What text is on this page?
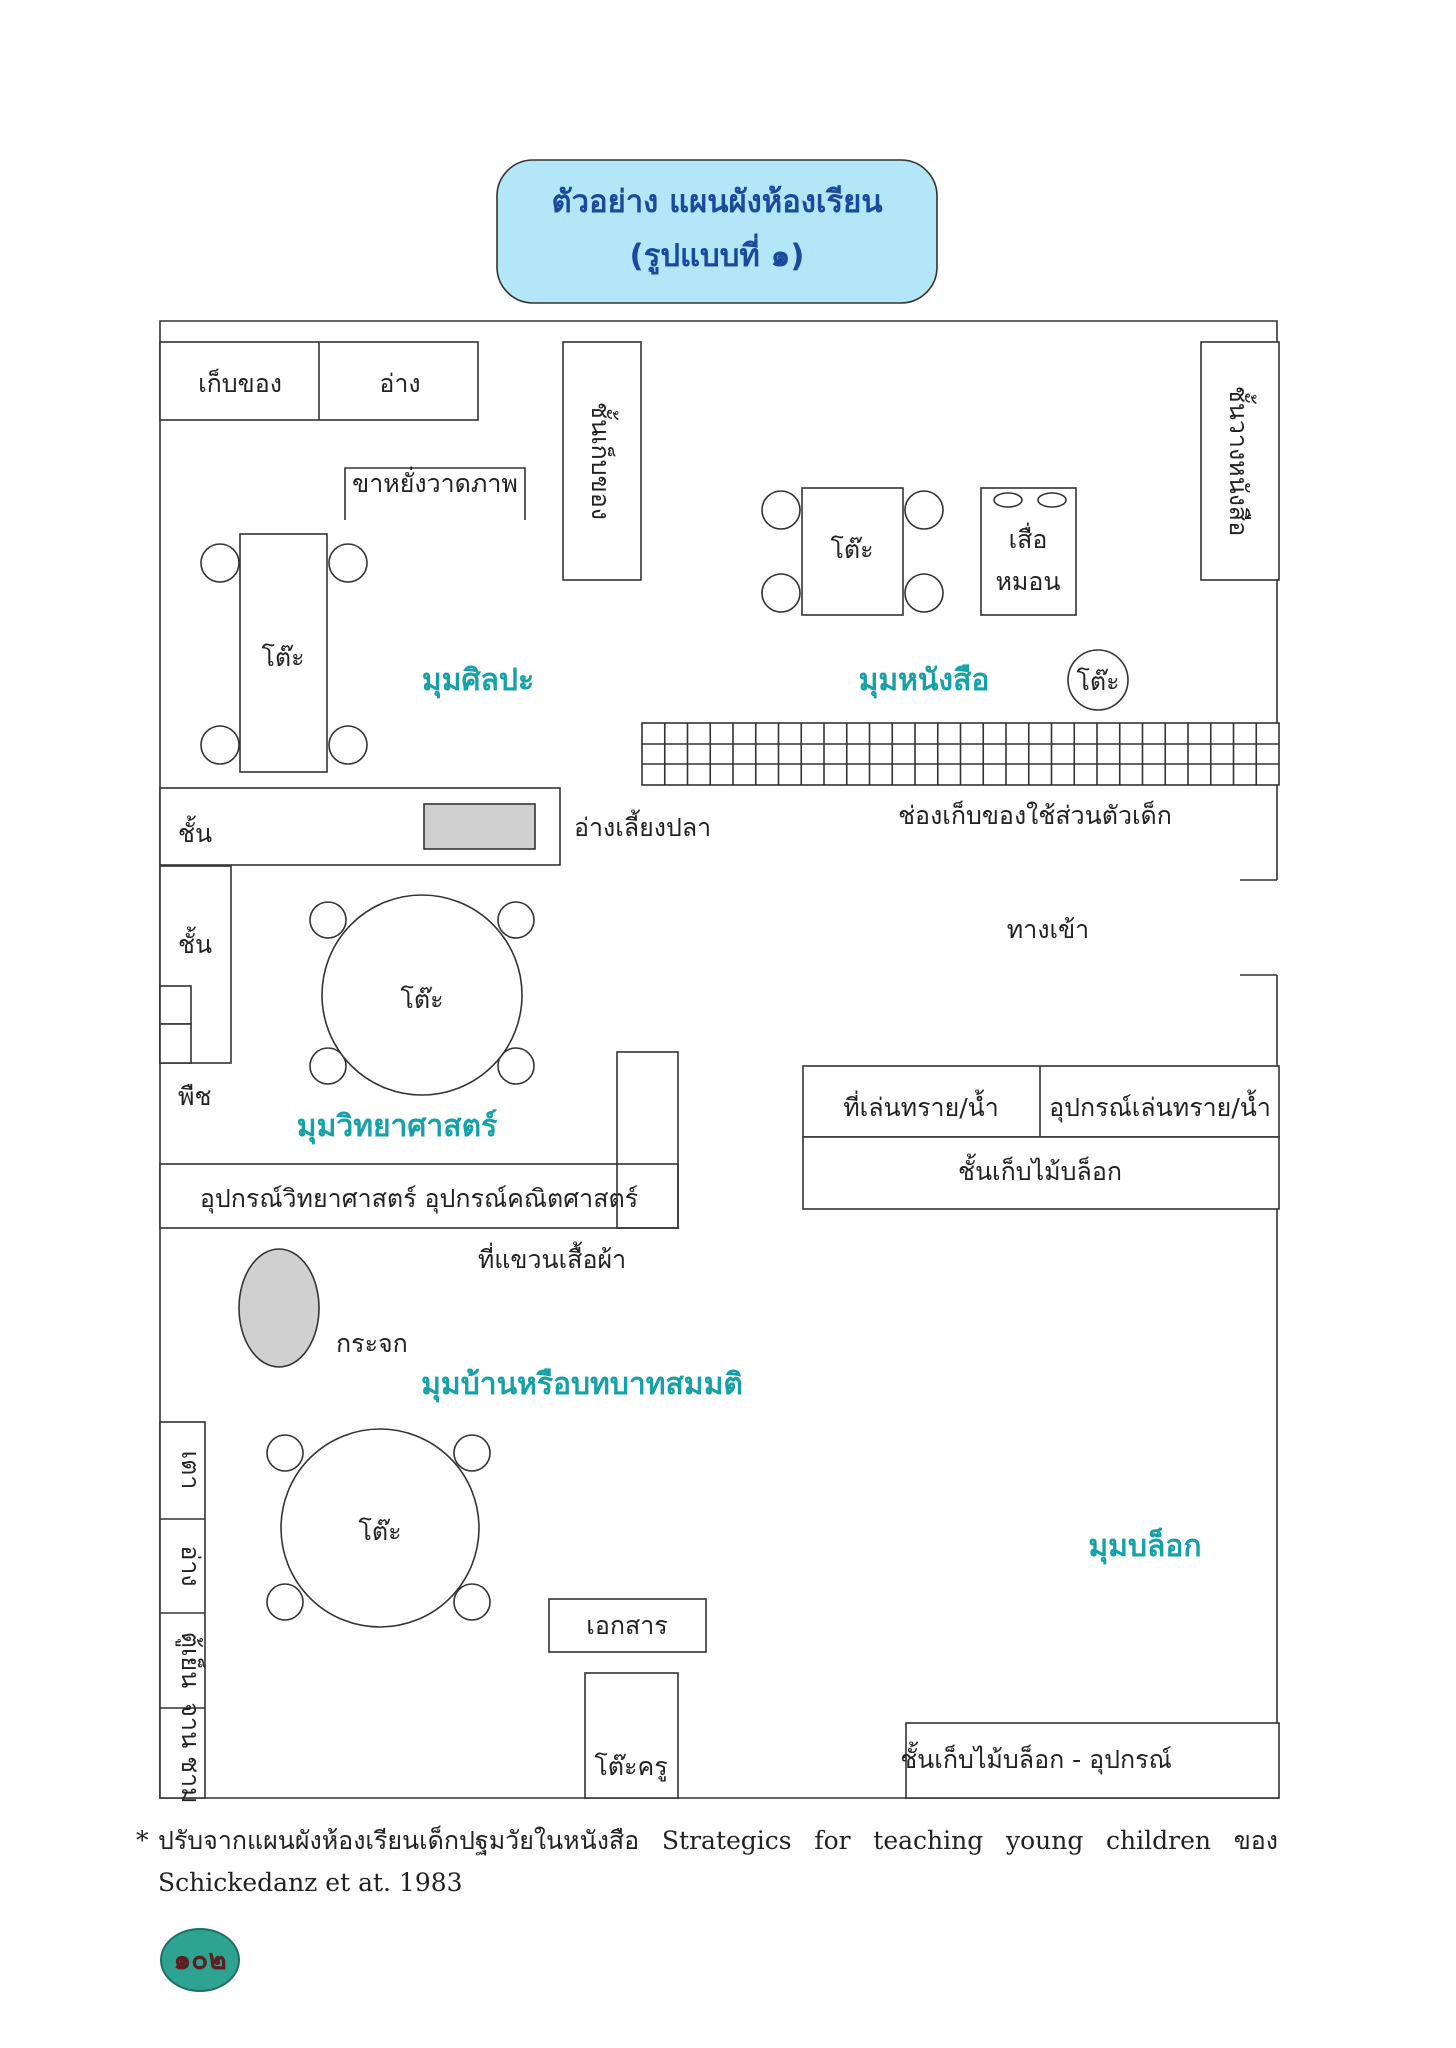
ตัวอย่าง แผนผังห้องเรียน
(รูปแบบที่ ๑)
เก็บของ	อ่าง
ขาหยั่งวาดภาพ	ชั้นเก็บของ	ชั้นวางหนังสือ
โต๊ะ
โต๊ะ	เสื่อ
หมอน
โต๊ะ
มุมศิลปะ	มุมหนังสือ
ชั้น	อ่างเลี้ยงปลา	ช่องเก็บของใช้ส่วนตัวเด็ก
ชั้น
พืช
โต๊ะ
ทางเข้า
มุมวิทยาศาสตร์
ที่เล่นทราย/น้ำ อุปกรณ์เล่นทราย/น้ำ
ชั้นเก็บไม้บล็อก
อุปกรณ์วิทยาศาสตร์ อุปกรณ์คณิตศาสตร์
ที่แขวนเสื้อผ้า
กระจก
มุมบ้านหรือบทบาทสมมติ
เตา
อ่าง
ตู้เย็น
จาน ชาม
โต๊ะ
เอกสาร
โต๊ะครู
มุมบล็อก
ชั้นเก็บไม้บล็อก - อุปกรณ์
* ปรับจากแผนผังห้องเรียนเด็กปฐมวัยในหนังสือ Strategics for teaching young children ของ Schickedanz et at. 1983
๑๐๒
